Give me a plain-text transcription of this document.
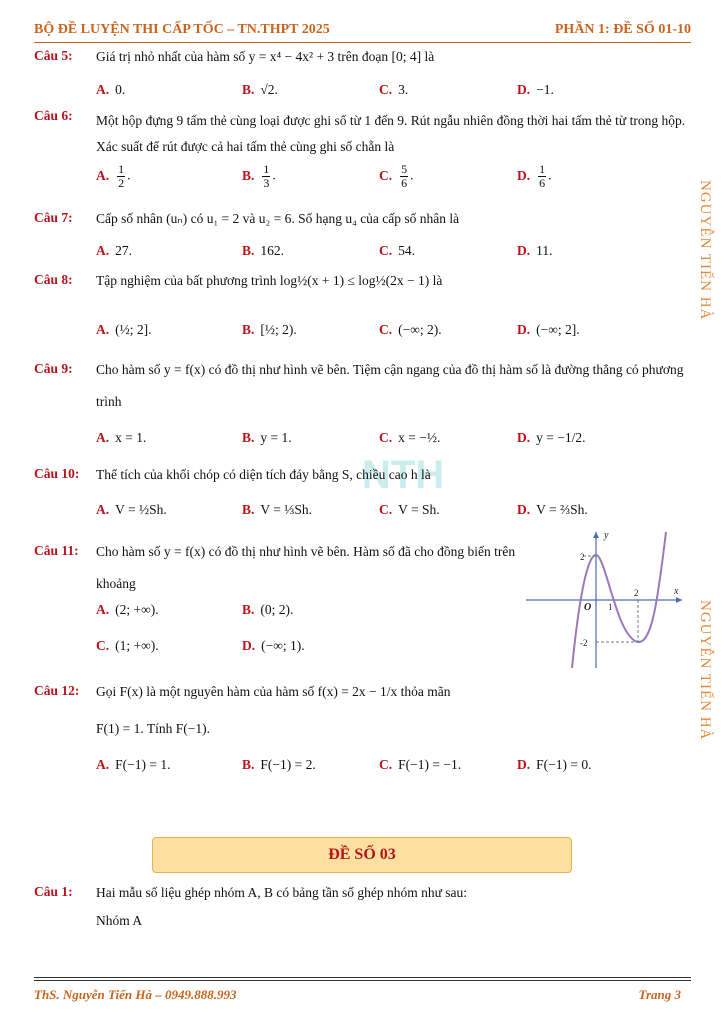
BỘ ĐỀ LUYỆN THI CẤP TỐC – TN.THPT 2025	PHẦN 1: ĐỀ SỐ 01-10
NGUYỄN TIẾN HÀ
NGUYỄN TIẾN HÀ
NTH
Câu 5: Giá trị nhỏ nhất của hàm số y = x⁴ − 4x² + 3 trên đoạn [0; 4] là
A. 0.	B. √2.	C. 3.	D. −1.
Câu 6: Một hộp đựng 9 tấm thẻ cùng loại được ghi số từ 1 đến 9. Rút ngẫu nhiên đồng thời hai tấm thẻ từ trong hộp. Xác suất để rút được cả hai tấm thẻ cùng ghi số chẵn là
A. $\frac{1}{2}$ .	B. $\frac{1}{3}$ .	C. $\frac{5}{6}$ .	D. $\frac{1}{6}$ .
Câu 7: Cấp số nhân (uₙ) có u₁ = 2 và u₂ = 6. Số hạng u₄ của cấp số nhân là
A. 27.	B. 162.	C. 54.	D. 11.
Câu 8: Tập nghiệm của bất phương trình log½(x + 1) ≤ log½(2x − 1) là
A. (½; 2].	B. [½; 2).	C. (−∞; 2).	D. (−∞; 2].
Câu 9: Cho hàm số y = f(x) có đồ thị như hình vẽ bên. Tiệm cận ngang của đồ thị hàm số là đường thẳng có phương trình
A. x = 1.	B. y = 1.	C. x = −½.	D. y = −1/2.
Câu 10: Thể tích của khối chóp có diện tích đáy bằng S, chiều cao h là
A. V = ½Sh.	B. V = ⅓Sh.	C. V = Sh.	D. V = ⅔Sh.
Câu 11: Cho hàm số y = f(x) có đồ thị như hình vẽ bên. Hàm số đã cho đồng biến trên khoảng
A. (2; +∞).	B. (0; 2).
C. (1; +∞).	D. (−∞; 1).
y
x
O 1
2
2
-2
Câu 12: Gọi F(x) là một nguyên hàm của hàm số f(x) = 2x − 1/x thỏa mãn
F(1) = 1. Tính F(−1).
A. F(−1) = 1.	B. F(−1) = 2.	C. F(−1) = −1.	D. F(−1) = 0.
ĐỀ SỐ 03
Câu 1: Hai mẫu số liệu ghép nhóm A, B có bảng tần số ghép nhóm như sau:
Nhóm A
ThS. Nguyễn Tiến Hà – 0949.888.993	Trang 3
